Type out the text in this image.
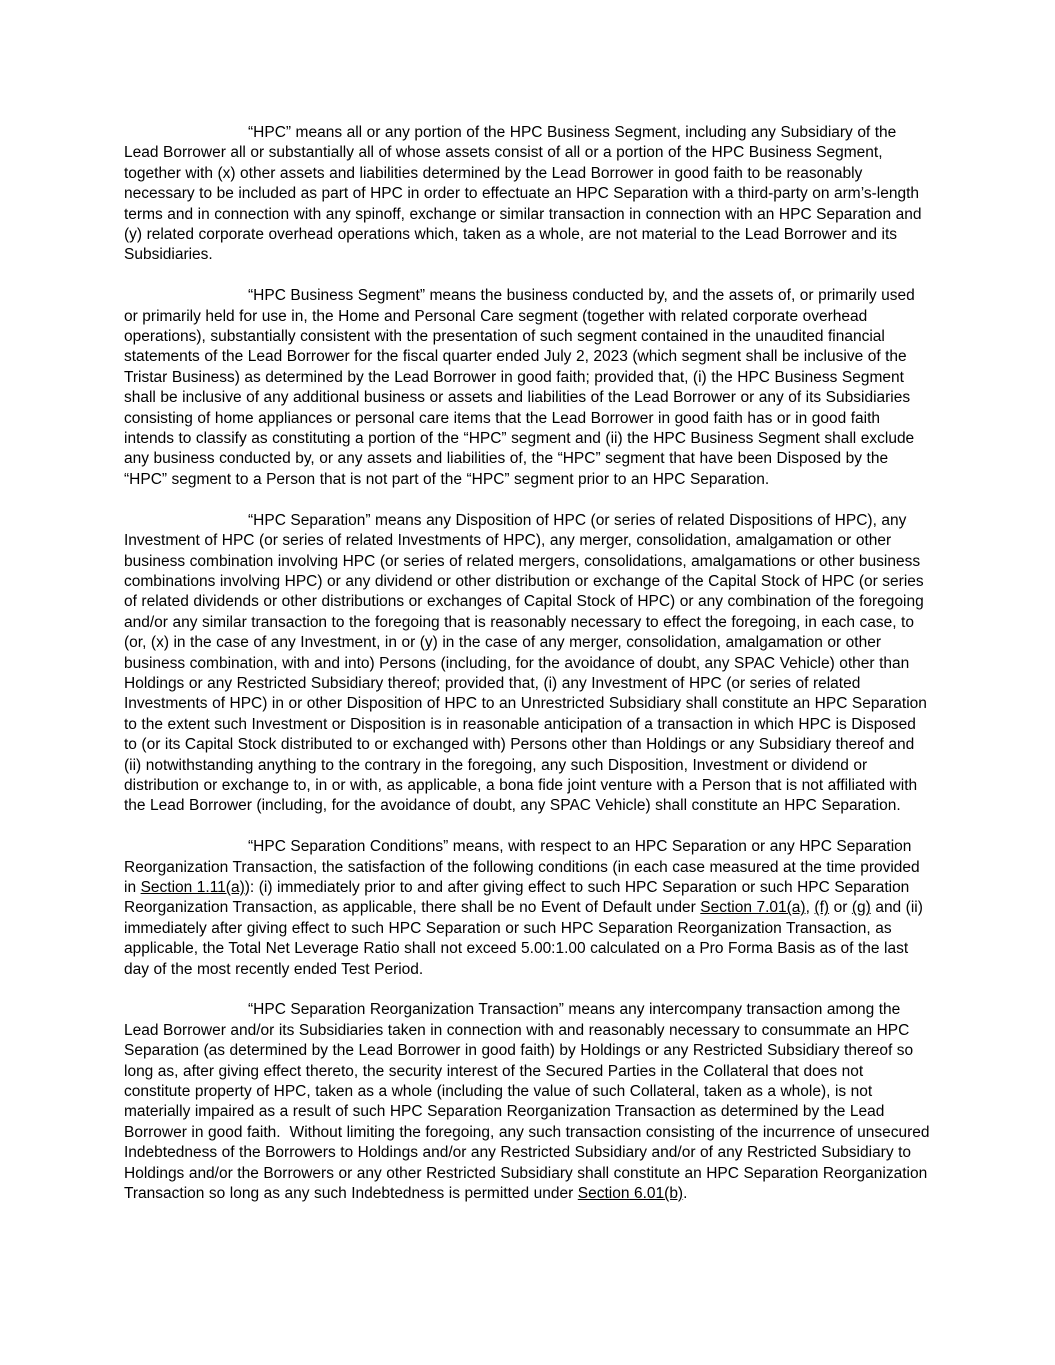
“HPC” means all or any portion of the HPC Business Segment, including any Subsidiary of the Lead Borrower all or substantially all of whose assets consist of all or a portion of the HPC Business Segment, together with (x) other assets and liabilities determined by the Lead Borrower in good faith to be reasonably necessary to be included as part of HPC in order to effectuate an HPC Separation with a third-party on arm’s-length terms and in connection with any spinoff, exchange or similar transaction in connection with an HPC Separation and (y) related corporate overhead operations which, taken as a whole, are not material to the Lead Borrower and its Subsidiaries.

“HPC Business Segment” means the business conducted by, and the assets of, or primarily used or primarily held for use in, the Home and Personal Care segment (together with related corporate overhead operations), substantially consistent with the presentation of such segment contained in the unaudited financial statements of the Lead Borrower for the fiscal quarter ended July 2, 2023 (which segment shall be inclusive of the Tristar Business) as determined by the Lead Borrower in good faith; provided that, (i) the HPC Business Segment shall be inclusive of any additional business or assets and liabilities of the Lead Borrower or any of its Subsidiaries consisting of home appliances or personal care items that the Lead Borrower in good faith has or in good faith intends to classify as constituting a portion of the “HPC” segment and (ii) the HPC Business Segment shall exclude any business conducted by, or any assets and liabilities of, the “HPC” segment that have been Disposed by the “HPC” segment to a Person that is not part of the “HPC” segment prior to an HPC Separation.

“HPC Separation” means any Disposition of HPC (or series of related Dispositions of HPC), any Investment of HPC (or series of related Investments of HPC), any merger, consolidation, amalgamation or other business combination involving HPC (or series of related mergers, consolidations, amalgamations or other business combinations involving HPC) or any dividend or other distribution or exchange of the Capital Stock of HPC (or series of related dividends or other distributions or exchanges of Capital Stock of HPC) or any combination of the foregoing and/or any similar transaction to the foregoing that is reasonably necessary to effect the foregoing, in each case, to (or, (x) in the case of any Investment, in or (y) in the case of any merger, consolidation, amalgamation or other business combination, with and into) Persons (including, for the avoidance of doubt, any SPAC Vehicle) other than Holdings or any Restricted Subsidiary thereof; provided that, (i) any Investment of HPC (or series of related Investments of HPC) in or other Disposition of HPC to an Unrestricted Subsidiary shall constitute an HPC Separation to the extent such Investment or Disposition is in reasonable anticipation of a transaction in which HPC is Disposed to (or its Capital Stock distributed to or exchanged with) Persons other than Holdings or any Subsidiary thereof and (ii) notwithstanding anything to the contrary in the foregoing, any such Disposition, Investment or dividend or distribution or exchange to, in or with, as applicable, a bona fide joint venture with a Person that is not affiliated with the Lead Borrower (including, for the avoidance of doubt, any SPAC Vehicle) shall constitute an HPC Separation.

“HPC Separation Conditions” means, with respect to an HPC Separation or any HPC Separation Reorganization Transaction, the satisfaction of the following conditions (in each case measured at the time provided in Section 1.11(a)): (i) immediately prior to and after giving effect to such HPC Separation or such HPC Separation Reorganization Transaction, as applicable, there shall be no Event of Default under Section 7.01(a), (f) or (g) and (ii) immediately after giving effect to such HPC Separation or such HPC Separation Reorganization Transaction, as applicable, the Total Net Leverage Ratio shall not exceed 5.00:1.00 calculated on a Pro Forma Basis as of the last day of the most recently ended Test Period.

“HPC Separation Reorganization Transaction” means any intercompany transaction among the Lead Borrower and/or its Subsidiaries taken in connection with and reasonably necessary to consummate an HPC Separation (as determined by the Lead Borrower in good faith) by Holdings or any Restricted Subsidiary thereof so long as, after giving effect thereto, the security interest of the Secured Parties in the Collateral that does not constitute property of HPC, taken as a whole (including the value of such Collateral, taken as a whole), is not materially impaired as a result of such HPC Separation Reorganization Transaction as determined by the Lead Borrower in good faith.  Without limiting the foregoing, any such transaction consisting of the incurrence of unsecured Indebtedness of the Borrowers to Holdings and/or any Restricted Subsidiary and/or of any Restricted Subsidiary to Holdings and/or the Borrowers or any other Restricted Subsidiary shall constitute an HPC Separation Reorganization Transaction so long as any such Indebtedness is permitted under Section 6.01(b).
